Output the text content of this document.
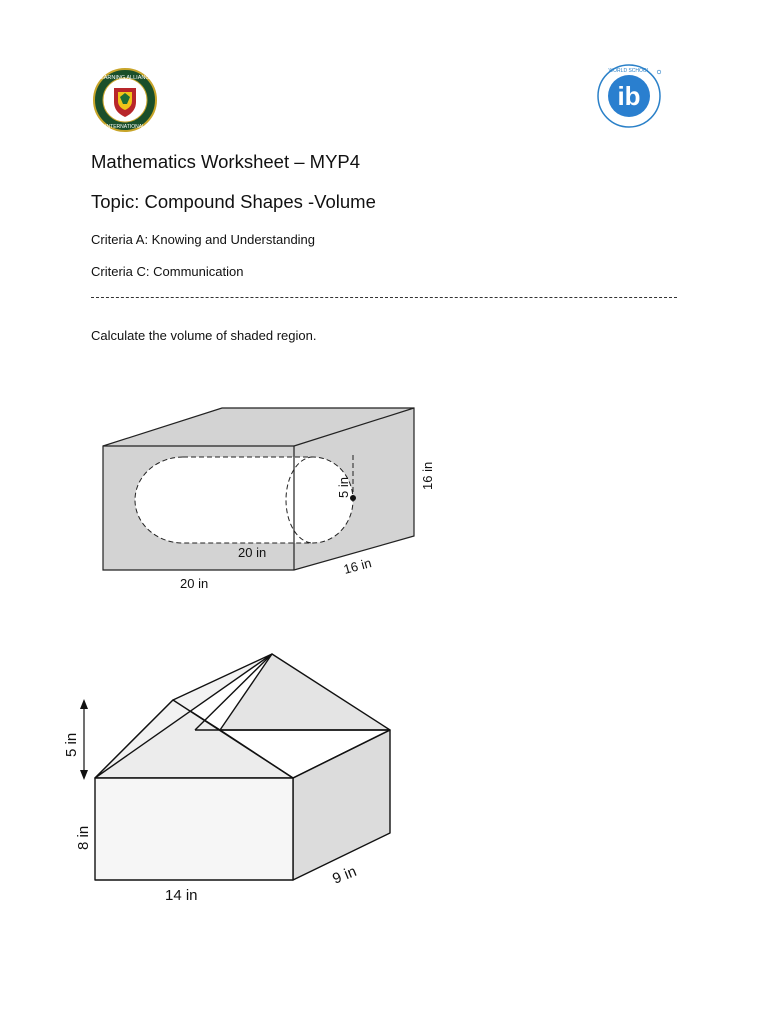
LEARNING ALLIANCE
INTERNATIONAL
ib
WORLD SCHOOL
Mathematics Worksheet – MYP4
Topic: Compound Shapes -Volume
Criteria A: Knowing and Understanding
Criteria C: Communication
Calculate the volume of shaded region.
5 in	16 in
20 in
16 in
20 in
5 in
8 in
14 in
9 in
